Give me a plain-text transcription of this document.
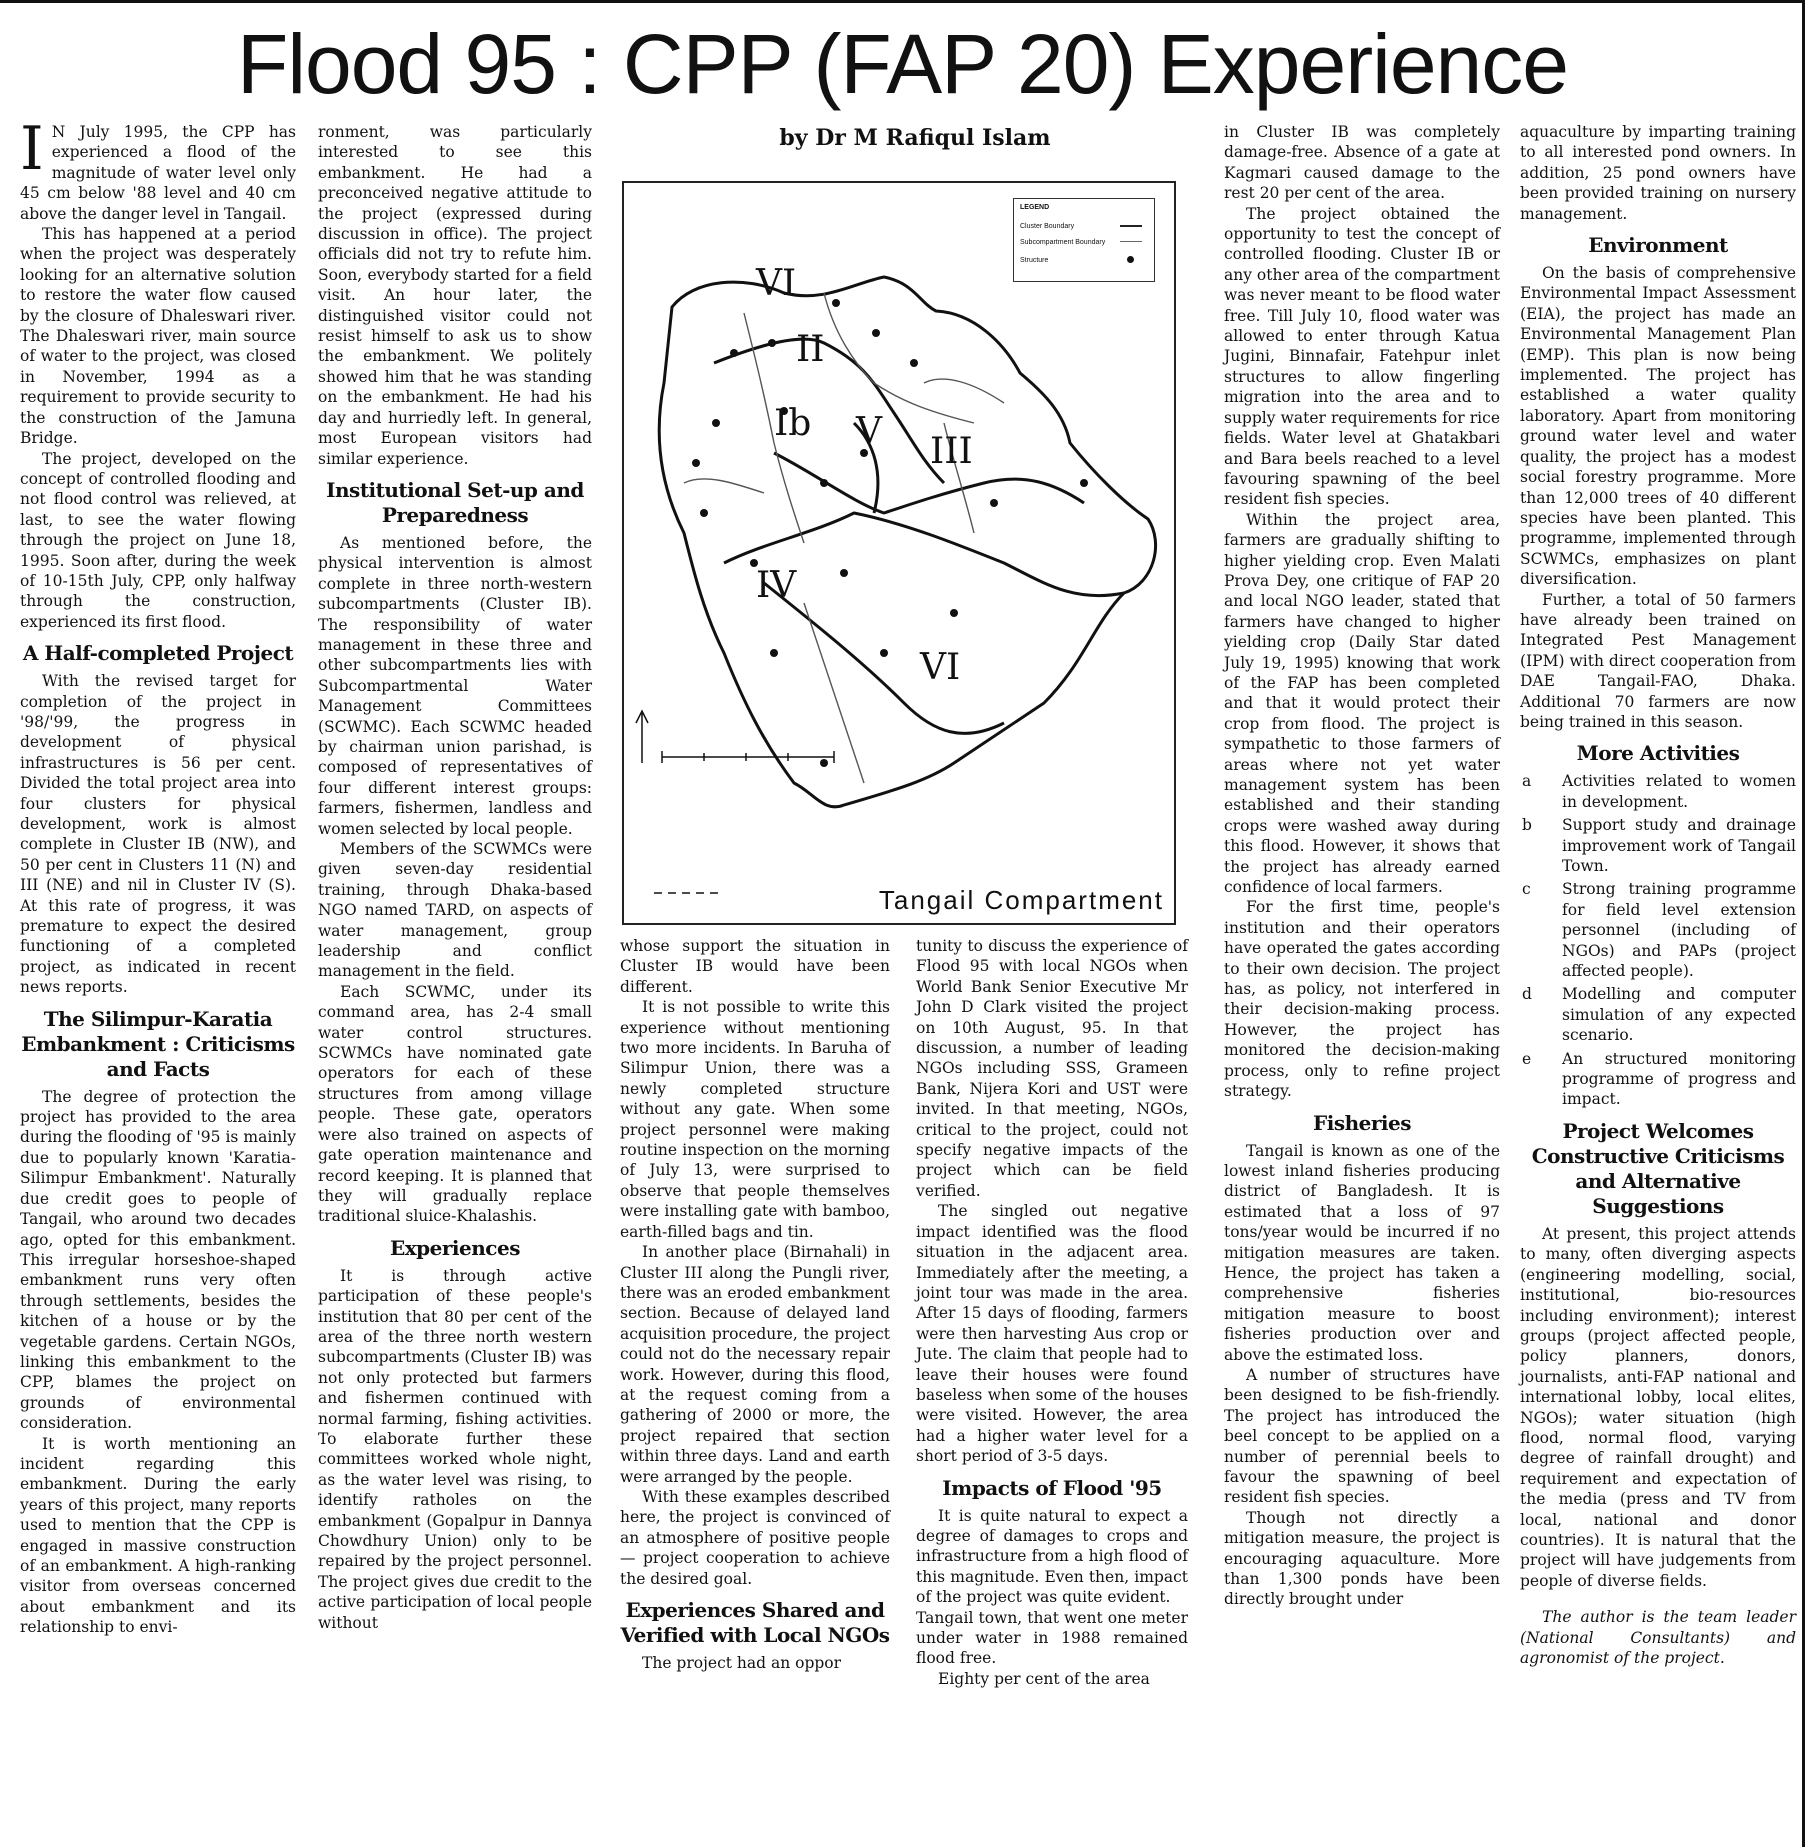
Flood 95 : CPP (FAP 20) Experience

I N July 1995, the CPP has experienced a flood of the magnitude of water level only 45 cm below '88 level and 40 cm above the danger level in Tangail.

This has happened at a period when the project was desperately looking for an alternative solution to restore the water flow caused by the closure of Dhaleswari river. The Dhaleswari river, main source of water to the project, was closed in November, 1994 as a requirement to provide security to the construction of the Jamuna Bridge.

The project, developed on the concept of controlled flooding and not flood control was relieved, at last, to see the water flowing through the project on June 18, 1995. Soon after, during the week of 10-15th July, CPP, only halfway through the construction, experienced its first flood.

A Half-completed Project

With the revised target for completion of the project in '98/'99, the progress in development of physical infrastructures is 56 per cent. Divided the total project area into four clusters for physical development, work is almost complete in Cluster IB (NW), and 50 per cent in Clusters 11 (N) and III (NE) and nil in Cluster IV (S). At this rate of progress, it was premature to expect the desired functioning of a completed project, as indicated in recent news reports.

The Silimpur-Karatia Embankment : Criticisms and Facts

The degree of protection the project has provided to the area during the flooding of '95 is mainly due to popularly known 'Karatia-Silimpur Embankment'. Naturally due credit goes to people of Tangail, who around two decades ago, opted for this embankment. This irregular horseshoe-shaped embankment runs very often through settlements, besides the kitchen of a house or by the vegetable gardens. Certain NGOs, linking this embankment to the CPP, blames the project on grounds of environmental consideration.

It is worth mentioning an incident regarding this embankment. During the early years of this project, many reports used to mention that the CPP is engaged in massive construction of an embankment. A high-ranking visitor from overseas concerned about embankment and its relationship to envi-

ronment, was particularly interested to see this embankment. He had a preconceived negative attitude to the project (expressed during discussion in office). The project officials did not try to refute him. Soon, everybody started for a field visit. An hour later, the distinguished visitor could not resist himself to ask us to show the embankment. We politely showed him that he was standing on the embankment. He had his day and hurriedly left. In general, most European visitors had similar experience.

Institutional Set-up and Preparedness

As mentioned before, the physical intervention is almost complete in three north-western subcompartments (Cluster IB). The responsibility of water management in these three and other subcompartments lies with Subcompartmental Water Management Committees (SCWMC). Each SCWMC headed by chairman union parishad, is composed of representatives of four different interest groups: farmers, fishermen, landless and women selected by local people.

Members of the SCWMCs were given seven-day residential training, through Dhaka-based NGO named TARD, on aspects of water management, group leadership and conflict management in the field.

Each SCWMC, under its command area, has 2-4 small water control structures. SCWMCs have nominated gate operators for each of these structures from among village people. These gate, operators were also trained on aspects of gate operation maintenance and record keeping. It is planned that they will gradually replace traditional sluice-Khalashis.

Experiences

It is through active participation of these people's institution that 80 per cent of the area of the three north western subcompartments (Cluster IB) was not only protected but farmers and fishermen continued with normal farming, fishing activities. To elaborate further these committees worked whole night, as the water level was rising, to identify ratholes on the embankment (Gopalpur in Dannya Chowdhury Union) only to be repaired by the project personnel. The project gives due credit to the active participation of local people without

by Dr M Rafiqul Islam
VI
II
Ib V III
IV
VI
LEGEND
Cluster Boundary
Subcompartment Boundary
Structure
Tangail Compartment

whose support the situation in Cluster IB would have been different.

It is not possible to write this experience without mentioning two more incidents. In Baruha of Silimpur Union, there was a newly completed structure without any gate. When some project personnel were making routine inspection on the morning of July 13, were surprised to observe that people themselves were installing gate with bamboo, earth-filled bags and tin.

In another place (Birnahali) in Cluster III along the Pungli river, there was an eroded embankment section. Because of delayed land acquisition procedure, the project could not do the necessary repair work. However, during this flood, at the request coming from a gathering of 2000 or more, the project repaired that section within three days. Land and earth were arranged by the people.

With these examples described here, the project is convinced of an atmosphere of positive people — project cooperation to achieve the desired goal.

Experiences Shared and Verified with Local NGOs

The project had an oppor

tunity to discuss the experience of Flood 95 with local NGOs when World Bank Senior Executive Mr John D Clark visited the project on 10th August, 95. In that discussion, a number of leading NGOs including SSS, Grameen Bank, Nijera Kori and UST were invited. In that meeting, NGOs, critical to the project, could not specify negative impacts of the project which can be field verified.

The singled out negative impact identified was the flood situation in the adjacent area. Immediately after the meeting, a joint tour was made in the area. After 15 days of flooding, farmers were then harvesting Aus crop or Jute. The claim that people had to leave their houses were found baseless when some of the houses were visited. However, the area had a higher water level for a short period of 3-5 days.

Impacts of Flood '95

It is quite natural to expect a degree of damages to crops and infrastructure from a high flood of this magnitude. Even then, impact of the project was quite evident.

Tangail town, that went one meter under water in 1988 remained flood free.

Eighty per cent of the area

in Cluster IB was completely damage-free. Absence of a gate at Kagmari caused damage to the rest 20 per cent of the area.

The project obtained the opportunity to test the concept of controlled flooding. Cluster IB or any other area of the compartment was never meant to be flood water free. Till July 10, flood water was allowed to enter through Katua Jugini, Binnafair, Fatehpur inlet structures to allow fingerling migration into the area and to supply water requirements for rice fields. Water level at Ghatakbari and Bara beels reached to a level favouring spawning of the beel resident fish species.

Within the project area, farmers are gradually shifting to higher yielding crop. Even Malati Prova Dey, one critique of FAP 20 and local NGO leader, stated that farmers have changed to higher yielding crop (Daily Star dated July 19, 1995) knowing that work of the FAP has been completed and that it would protect their crop from flood. The project is sympathetic to those farmers of areas where not yet water management system has been established and their standing crops were washed away during this flood. However, it shows that the project has already earned confidence of local farmers.

For the first time, people's institution and their operators have operated the gates according to their own decision. The project has, as policy, not interfered in their decision-making process. However, the project has monitored the decision-making process, only to refine project strategy.

Fisheries

Tangail is known as one of the lowest inland fisheries producing district of Bangladesh. It is estimated that a loss of 97 tons/year would be incurred if no mitigation measures are taken. Hence, the project has taken a comprehensive fisheries mitigation measure to boost fisheries production over and above the estimated loss.

A number of structures have been designed to be fish-friendly. The project has introduced the beel concept to be applied on a number of perennial beels to favour the spawning of beel resident fish species.

Though not directly a mitigation measure, the project is encouraging aquaculture. More than 1,300 ponds have been directly brought under

aquaculture by imparting training to all interested pond owners. In addition, 25 pond owners have been provided training on nursery management.

Environment

On the basis of comprehensive Environmental Impact Assessment (EIA), the project has made an Environmental Management Plan (EMP). This plan is now being implemented. The project has established a water quality laboratory. Apart from monitoring ground water level and water quality, the project has a modest social forestry programme. More than 12,000 trees of 40 different species have been planted. This programme, implemented through SCWMCs, emphasizes on plant diversification.

Further, a total of 50 farmers have already been trained on Integrated Pest Management (IPM) with direct cooperation from DAE Tangail-FAO, Dhaka. Additional 70 farmers are now being trained in this season.

More Activities
a Activities related to women in development.
b Support study and drainage improvement work of Tangail Town.
c Strong training programme for field level extension personnel (including of NGOs) and PAPs (project affected people).
d Modelling and computer simulation of any expected scenario.
e An structured monitoring programme of progress and impact.
Project Welcomes Constructive Criticisms and Alternative Suggestions

At present, this project attends to many, often diverging aspects (engineering modelling, social, institutional, bio-resources including environment); interest groups (project affected people, policy planners, donors, journalists, anti-FAP national and international lobby, local elites, NGOs); water situation (high flood, normal flood, varying degree of rainfall drought) and requirement and expectation of the media (press and TV from local, national and donor countries). It is natural that the project will have judgements from people of diverse fields.

The author is the team leader (National Consultants) and agronomist of the project.
